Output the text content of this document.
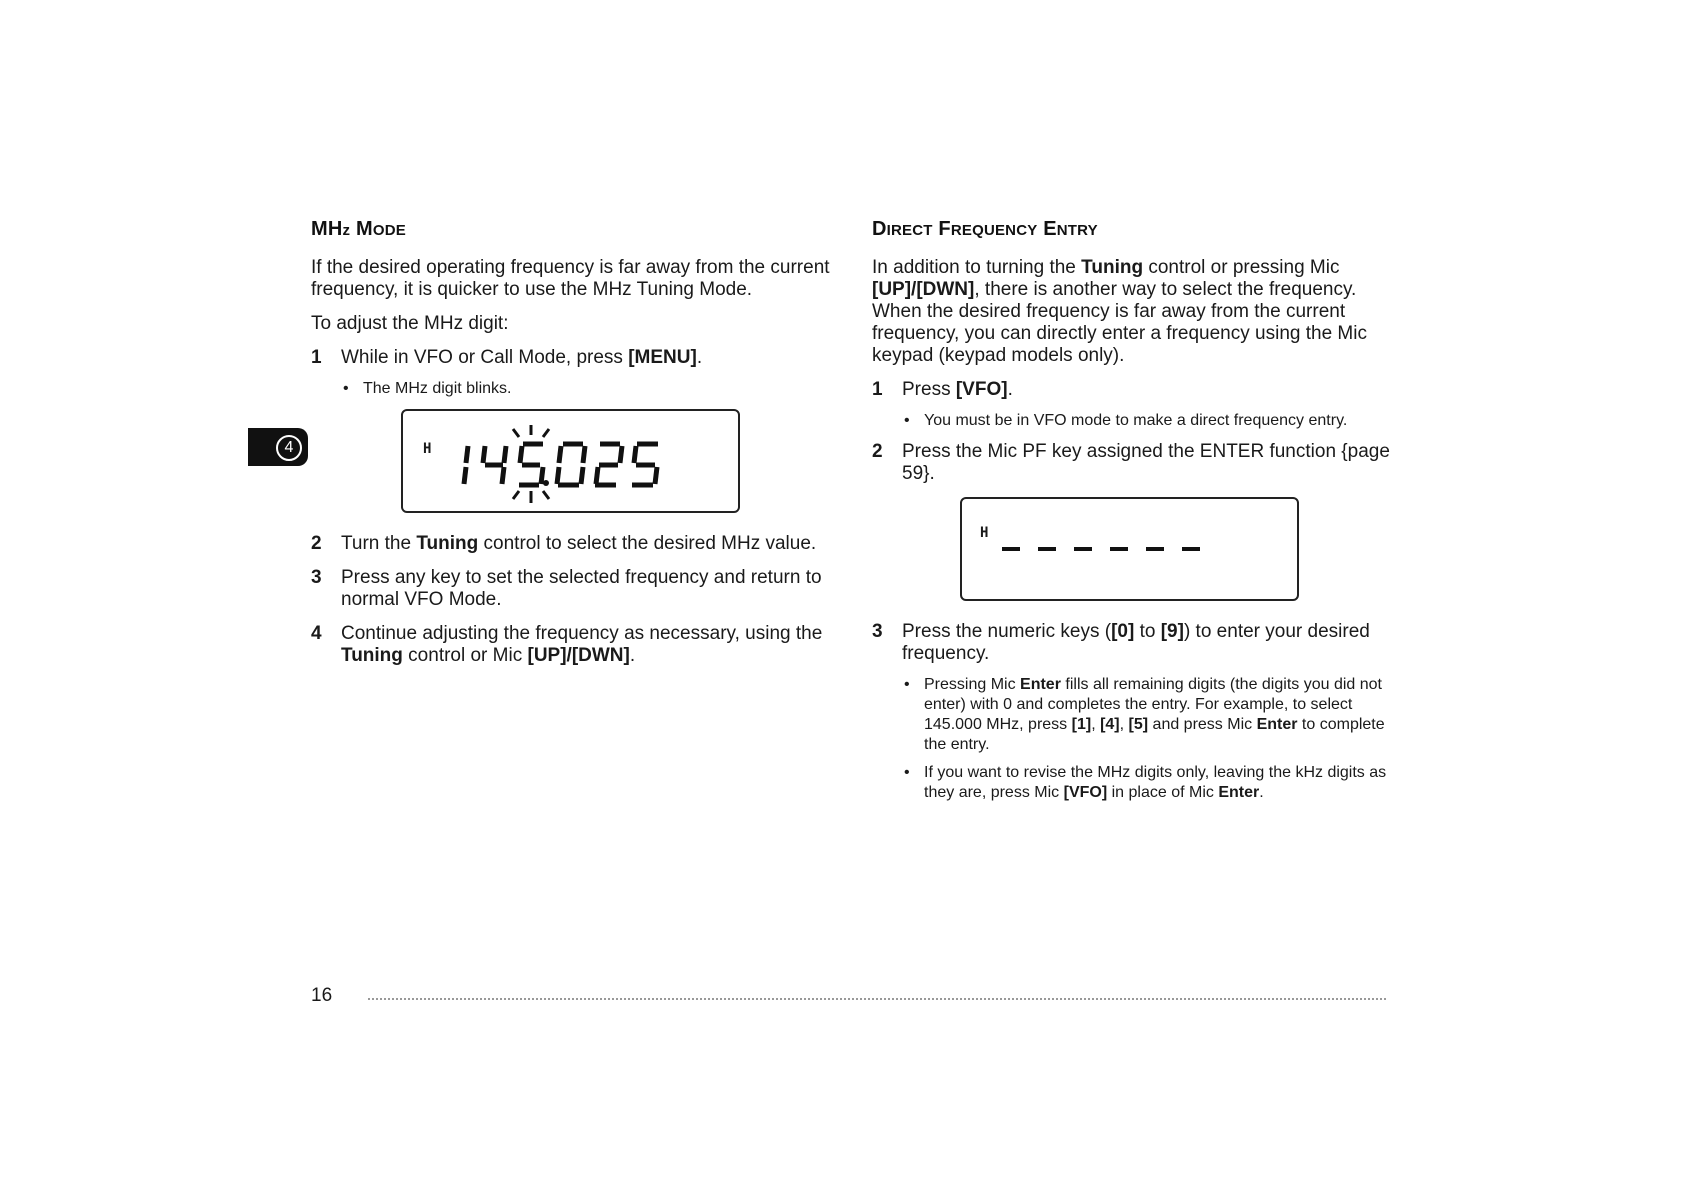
4
MHz MODE

If the desired operating frequency is far away from the current frequency, it is quicker to use the MHz Tuning Mode.

To adjust the MHz digit:

1 While in VFO or Call Mode, press [MENU].
• The MHz digit blinks.
H
2 Turn the Tuning control to select the desired MHz value.
3 Press any key to set the selected frequency and return to normal VFO Mode.
4 Continue adjusting the frequency as necessary, using the Tuning control or Mic [UP]/[DWN].
DIRECT FREQUENCY ENTRY

In addition to turning the Tuning control or pressing Mic [UP]/[DWN], there is another way to select the frequency. When the desired frequency is far away from the current frequency, you can directly enter a frequency using the Mic keypad (keypad models only).

1 Press [VFO].
• You must be in VFO mode to make a direct frequency entry.
2 Press the Mic PF key assigned the ENTER function {page 59}.
H
3 Press the numeric keys ([0] to [9]) to enter your desired frequency.
• Pressing Mic Enter fills all remaining digits (the digits you did not enter) with 0 and completes the entry. For example, to select 145.000 MHz, press [1], [4], [5] and press Mic Enter to complete the entry.
• If you want to revise the MHz digits only, leaving the kHz digits as they are, press Mic [VFO] in place of Mic Enter.
16
